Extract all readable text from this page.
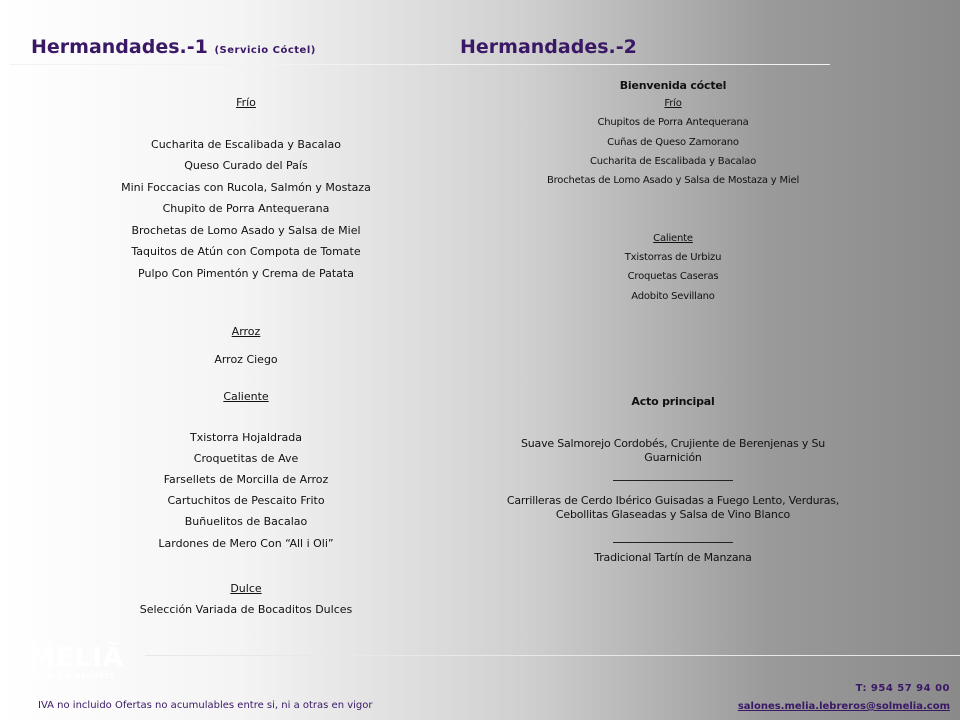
Hermandades.-1 (Servicio Cóctel)	Hermandades.-2
Frío
Cucharita de Escalibada y Bacalao
Queso Curado del País
Mini Foccacias con Rucola, Salmón y Mostaza
Chupito de Porra Antequerana
Brochetas de Lomo Asado y Salsa de Miel
Taquitos de Atún con Compota de Tomate
Pulpo Con Pimentón y Crema de Patata
Arroz
Arroz Ciego
Caliente
Txistorra Hojaldrada
Croquetitas de Ave
Farsellets de Morcilla de Arroz
Cartuchitos de Pescaito Frito
Buñuelitos de Bacalao
Lardones de Mero Con “All i Oli”
Dulce
Selección Variada de Bocaditos Dulces
Bienvenida cóctel
Frío
Chupitos de Porra Antequerana
Cuñas de Queso Zamorano
Cucharita de Escalibada y Bacalao
Brochetas de Lomo Asado y Salsa de Mostaza y Miel
Caliente
Txistorras de Urbizu
Croquetas Caseras
Adobito Sevillano
Acto principal
Suave Salmorejo Cordobés, Crujiente de Berenjenas y Su Guarnición
Carrilleras de Cerdo Ibérico Guisadas a Fuego Lento, Verduras, Cebollitas Glaseadas y Salsa de Vino Blanco
Tradicional Tartín de Manzana
MELIÃ
HOTELS & RESORTS
IVA no incluido Ofertas no acumulables entre si, ni a otras en vigor
T: 954 57 94 00
salones.melia.lebreros@solmelia.com
